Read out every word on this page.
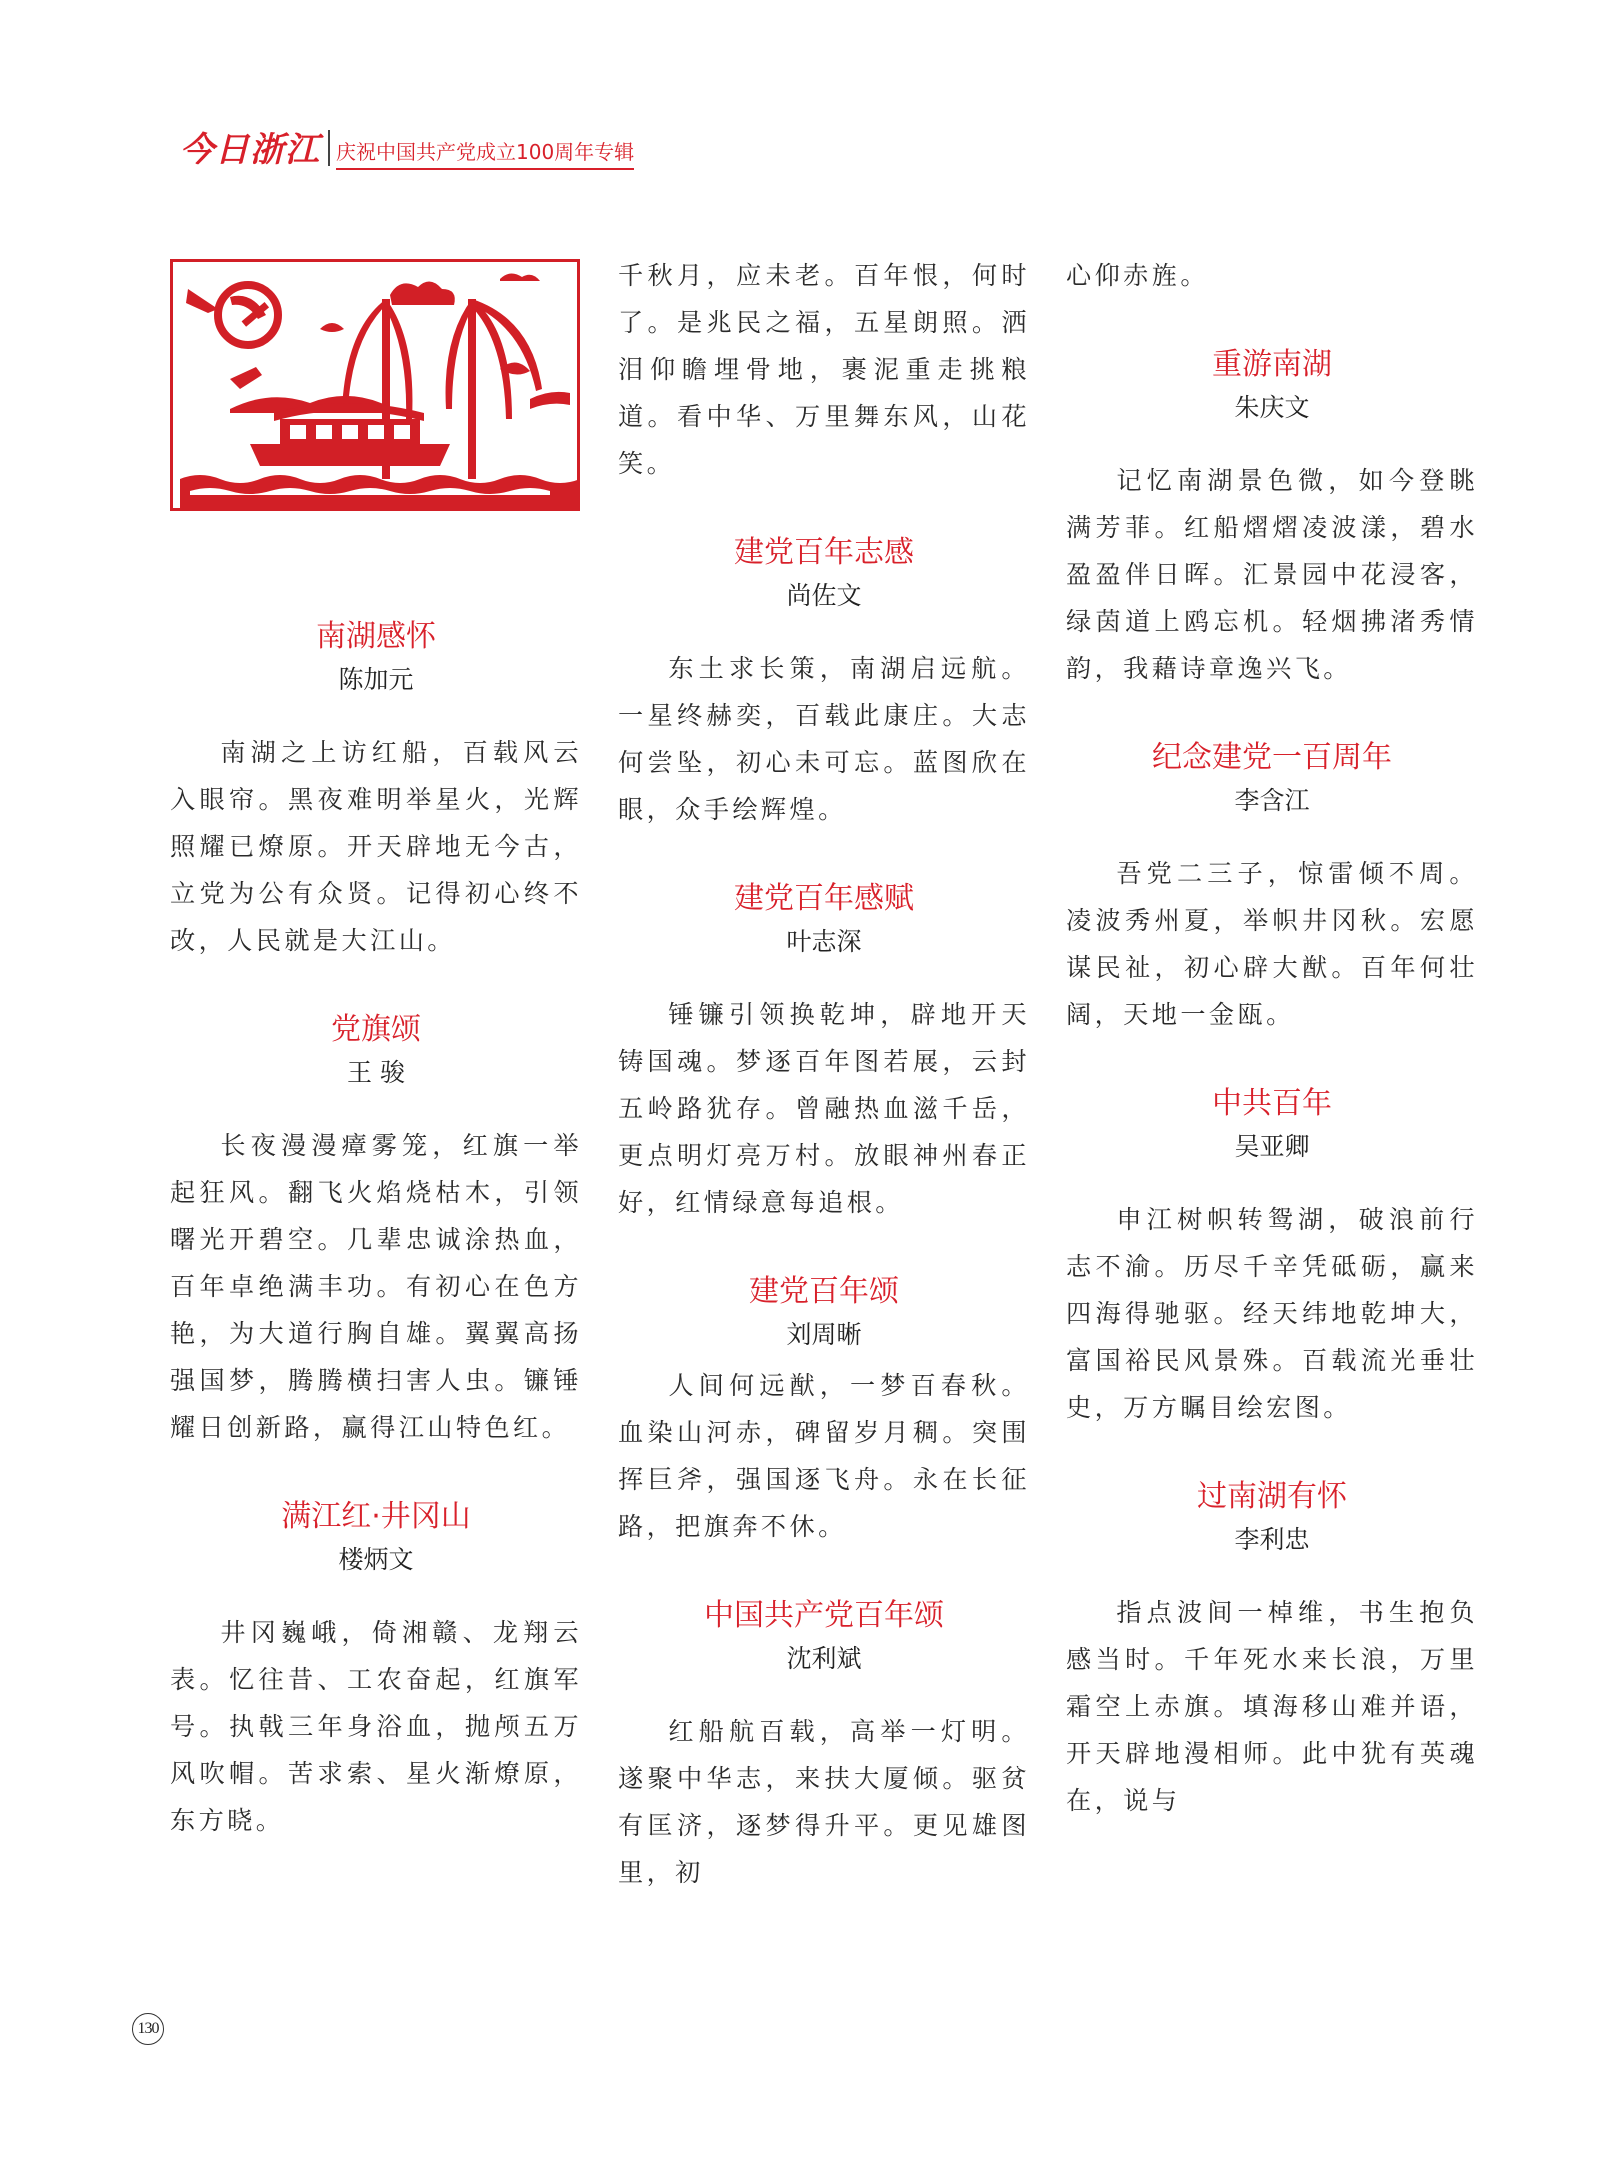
今日浙江 庆祝中国共产党成立100周年专辑
南湖感怀
陈加元
南湖之上访红船，百载风云入眼帘。黑夜难明举星火，光辉照耀已燎原。开天辟地无今古，立党为公有众贤。记得初心终不改，人民就是大江山。
党旗颂
王 骏
长夜漫漫瘴雾笼，红旗一举起狂风。翻飞火焰烧枯木，引领曙光开碧空。几辈忠诚涂热血，百年卓绝满丰功。有初心在色方艳，为大道行胸自雄。翼翼高扬强国梦，腾腾横扫害人虫。镰锤耀日创新路，赢得江山特色红。
满江红·井冈山
楼炳文
井冈巍峨，倚湘赣、龙翔云表。忆往昔、工农奋起，红旗军号。执戟三年身浴血，抛颅五万风吹帽。苦求索、星火渐燎原，东方晓。
千秋月，应未老。百年恨，何时了。是兆民之福，五星朗照。洒泪仰瞻埋骨地，裹泥重走挑粮道。看中华、万里舞东风，山花笑。
建党百年志感
尚佐文
东土求长策，南湖启远航。一星终赫奕，百载此康庄。大志何尝坠，初心未可忘。蓝图欣在眼，众手绘辉煌。
建党百年感赋
叶志深
锤镰引领换乾坤，辟地开天铸国魂。梦逐百年图若展，云封五岭路犹存。曾融热血滋千岳，更点明灯亮万村。放眼神州春正好，红情绿意每追根。
建党百年颂
刘周晰
人间何远猷，一梦百春秋。血染山河赤，碑留岁月稠。突围挥巨斧，强国逐飞舟。永在长征路，把旗奔不休。
中国共产党百年颂
沈利斌
红船航百载，高举一灯明。遂聚中华志，来扶大厦倾。驱贫有匡济，逐梦得升平。更见雄图里，初
心仰赤旌。
重游南湖
朱庆文
记忆南湖景色微，如今登眺满芳菲。红船熠熠凌波漾，碧水盈盈伴日晖。汇景园中花浸客，绿茵道上鸥忘机。轻烟拂渚秀情韵，我藉诗章逸兴飞。
纪念建党一百周年
李含江
吾党二三子，惊雷倾不周。凌波秀州夏，举帜井冈秋。宏愿谋民祉，初心辟大猷。百年何壮阔，天地一金瓯。
中共百年
吴亚卿
申江树帜转鸳湖，破浪前行志不渝。历尽千辛凭砥砺，赢来四海得驰驱。经天纬地乾坤大，富国裕民风景殊。百载流光垂壮史，万方瞩目绘宏图。
过南湖有怀
李利忠
指点波间一棹维，书生抱负感当时。千年死水来长浪，万里霜空上赤旗。填海移山难并语，开天辟地漫相师。此中犹有英魂在，说与
130
